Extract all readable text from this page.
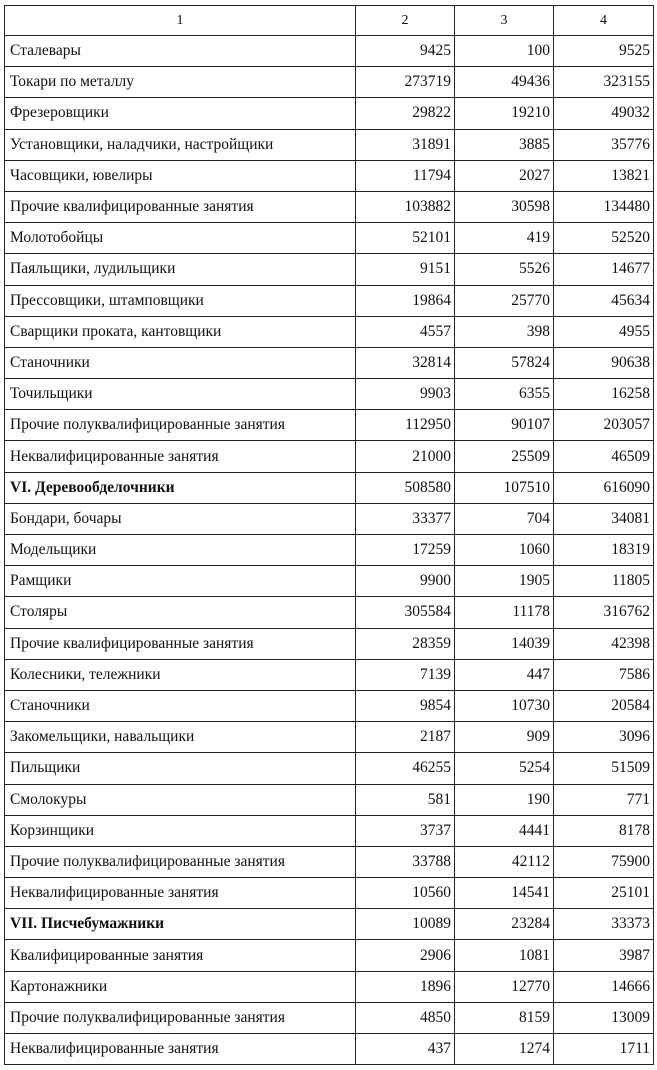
1	2	3	4
Сталевары	9425	100	9525
Токари по металлу	273719	49436	323155
Фрезеровщики	29822	19210	49032
Установщики, наладчики, настройщики	31891	3885	35776
Часовщики, ювелиры	11794	2027	13821
Прочие квалифицированные занятия	103882	30598	134480
Молотобойцы	52101	419	52520
Паяльщики, лудильщики	9151	5526	14677
Прессовщики, штамповщики	19864	25770	45634
Сварщики проката, кантовщики	4557	398	4955
Станочники	32814	57824	90638
Точильщики	9903	6355	16258
Прочие полуквалифицированные занятия	112950	90107	203057
Неквалифицированные занятия	21000	25509	46509
VI. Деревообделочники	508580	107510	616090
Бондари, бочары	33377	704	34081
Модельщики	17259	1060	18319
Рамщики	9900	1905	11805
Столяры	305584	11178	316762
Прочие квалифицированные занятия	28359	14039	42398
Колесники, тележники	7139	447	7586
Станочники	9854	10730	20584
Закомельщики, навальщики	2187	909	3096
Пильщики	46255	5254	51509
Смолокуры	581	190	771
Корзинщики	3737	4441	8178
Прочие полуквалифицированные занятия	33788	42112	75900
Неквалифицированные занятия	10560	14541	25101
VII. Писчебумажники	10089	23284	33373
Квалифицированные занятия	2906	1081	3987
Картонажники	1896	12770	14666
Прочие полуквалифицированные занятия	4850	8159	13009
Неквалифицированные занятия	437	1274	1711
